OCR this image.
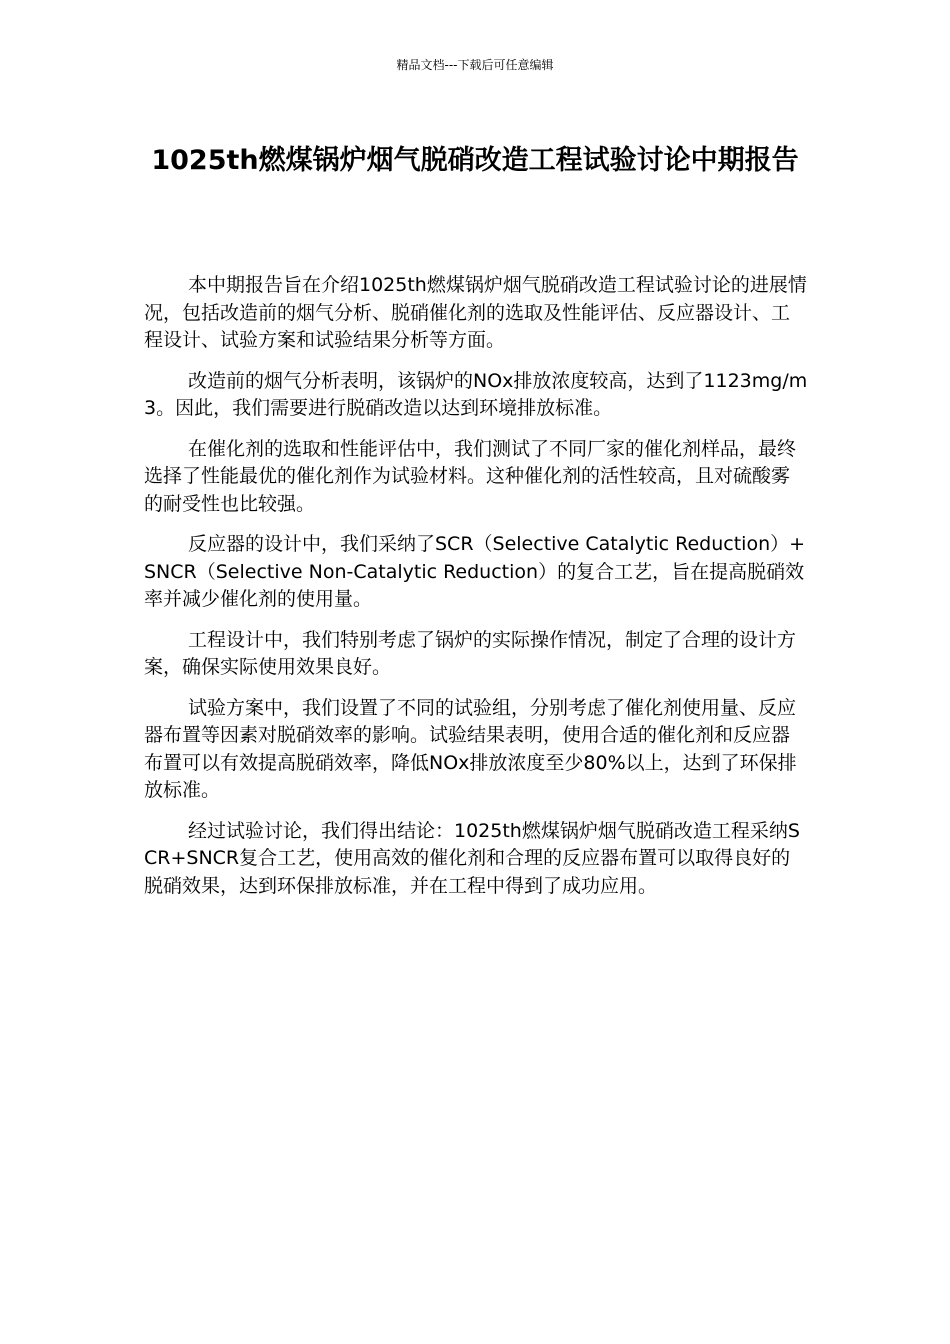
精品文档---下载后可任意编辑
1025th燃煤锅炉烟气脱硝改造工程试验讨论中期报告

本中期报告旨在介绍1025th燃煤锅炉烟气脱硝改造工程试验讨论的进展情况，包括改造前的烟气分析、脱硝催化剂的选取及性能评估、反应器设计、工程设计、试验方案和试验结果分析等方面。

改造前的烟气分析表明，该锅炉的NOx排放浓度较高，达到了1123mg/m3。因此，我们需要进行脱硝改造以达到环境排放标准。

在催化剂的选取和性能评估中，我们测试了不同厂家的催化剂样品，最终选择了性能最优的催化剂作为试验材料。这种催化剂的活性较高，且对硫酸雾的耐受性也比较强。

反应器的设计中，我们采纳了SCR（Selective Catalytic Reduction）+SNCR（Selective Non-Catalytic Reduction）的复合工艺，旨在提高脱硝效率并减少催化剂的使用量。

工程设计中，我们特别考虑了锅炉的实际操作情况，制定了合理的设计方案，确保实际使用效果良好。

试验方案中，我们设置了不同的试验组，分别考虑了催化剂使用量、反应器布置等因素对脱硝效率的影响。试验结果表明，使用合适的催化剂和反应器布置可以有效提高脱硝效率，降低NOx排放浓度至少80%以上，达到了环保排放标准。

经过试验讨论，我们得出结论：1025th燃煤锅炉烟气脱硝改造工程采纳SCR+SNCR复合工艺，使用高效的催化剂和合理的反应器布置可以取得良好的脱硝效果，达到环保排放标准，并在工程中得到了成功应用。
